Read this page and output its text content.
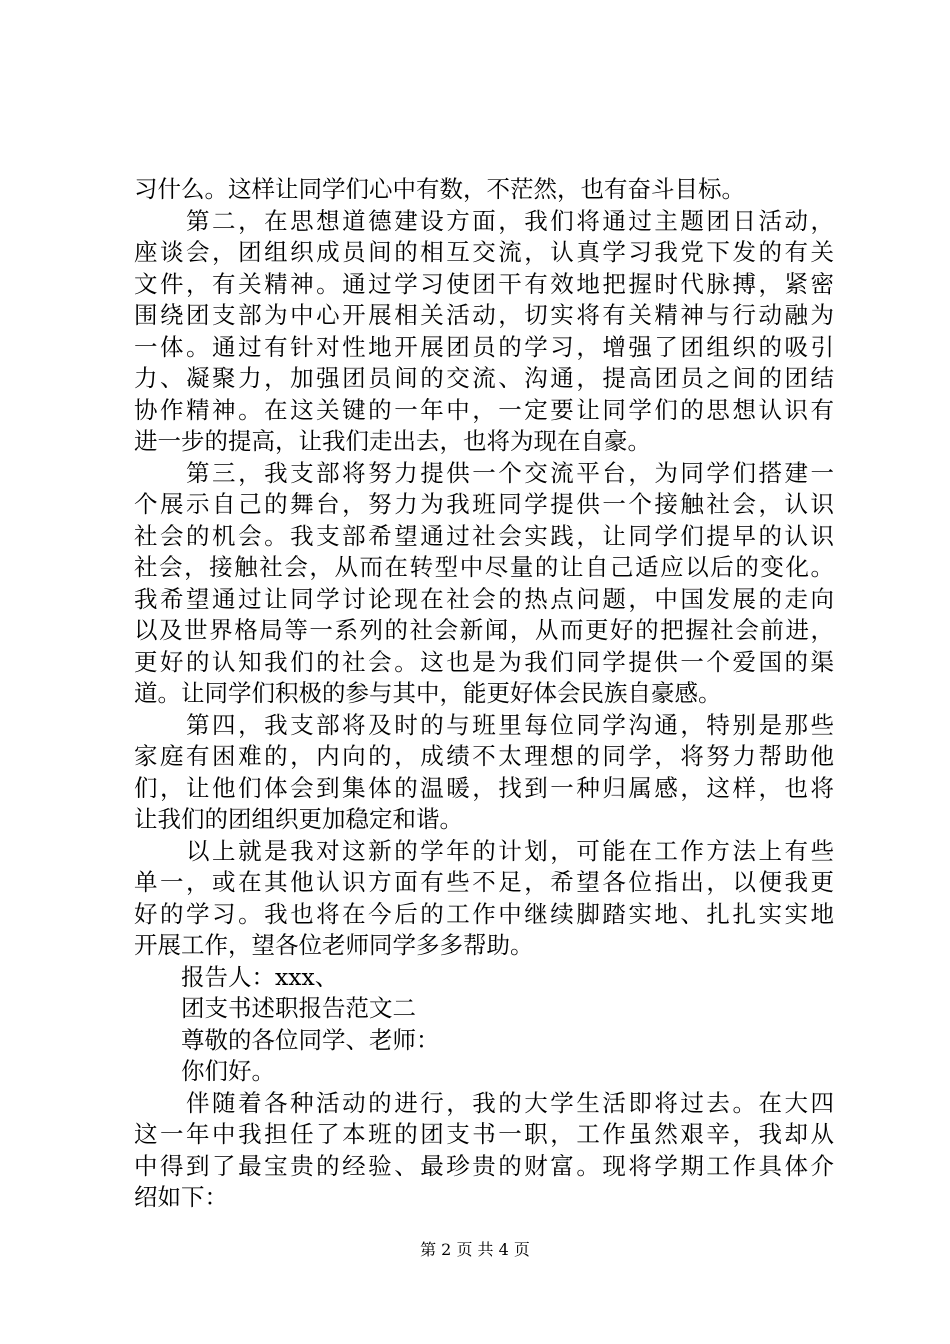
习什么。这样让同学们心中有数，不茫然，也有奋斗目标。
　　第二，在思想道德建设方面，我们将通过主题团日活动，
座谈会，团组织成员间的相互交流，认真学习我党下发的有关
文件，有关精神。通过学习使团干有效地把握时代脉搏，紧密
围绕团支部为中心开展相关活动，切实将有关精神与行动融为
一体。通过有针对性地开展团员的学习，增强了团组织的吸引
力、凝聚力，加强团员间的交流、沟通，提高团员之间的团结
协作精神。在这关键的一年中，一定要让同学们的思想认识有
进一步的提高，让我们走出去，也将为现在自豪。
　　第三，我支部将努力提供一个交流平台，为同学们搭建一
个展示自己的舞台，努力为我班同学提供一个接触社会，认识
社会的机会。我支部希望通过社会实践，让同学们提早的认识
社会，接触社会，从而在转型中尽量的让自己适应以后的变化。
我希望通过让同学讨论现在社会的热点问题，中国发展的走向
以及世界格局等一系列的社会新闻，从而更好的把握社会前进，
更好的认知我们的社会。这也是为我们同学提供一个爱国的渠
道。让同学们积极的参与其中，能更好体会民族自豪感。
　　第四，我支部将及时的与班里每位同学沟通，特别是那些
家庭有困难的，内向的，成绩不太理想的同学，将努力帮助他
们，让他们体会到集体的温暖，找到一种归属感，这样，也将
让我们的团组织更加稳定和谐。
　　以上就是我对这新的学年的计划，可能在工作方法上有些
单一，或在其他认识方面有些不足，希望各位指出，以便我更
好的学习。我也将在今后的工作中继续脚踏实地、扎扎实实地
开展工作，望各位老师同学多多帮助。
　　报告人：xxx、
　　团支书述职报告范文二
　　尊敬的各位同学、老师：
　　你们好。
　　伴随着各种活动的进行，我的大学生活即将过去。在大四
这一年中我担任了本班的团支书一职，工作虽然艰辛，我却从
中得到了最宝贵的经验、最珍贵的财富。现将学期工作具体介
绍如下：
第 2 页 共 4 页
